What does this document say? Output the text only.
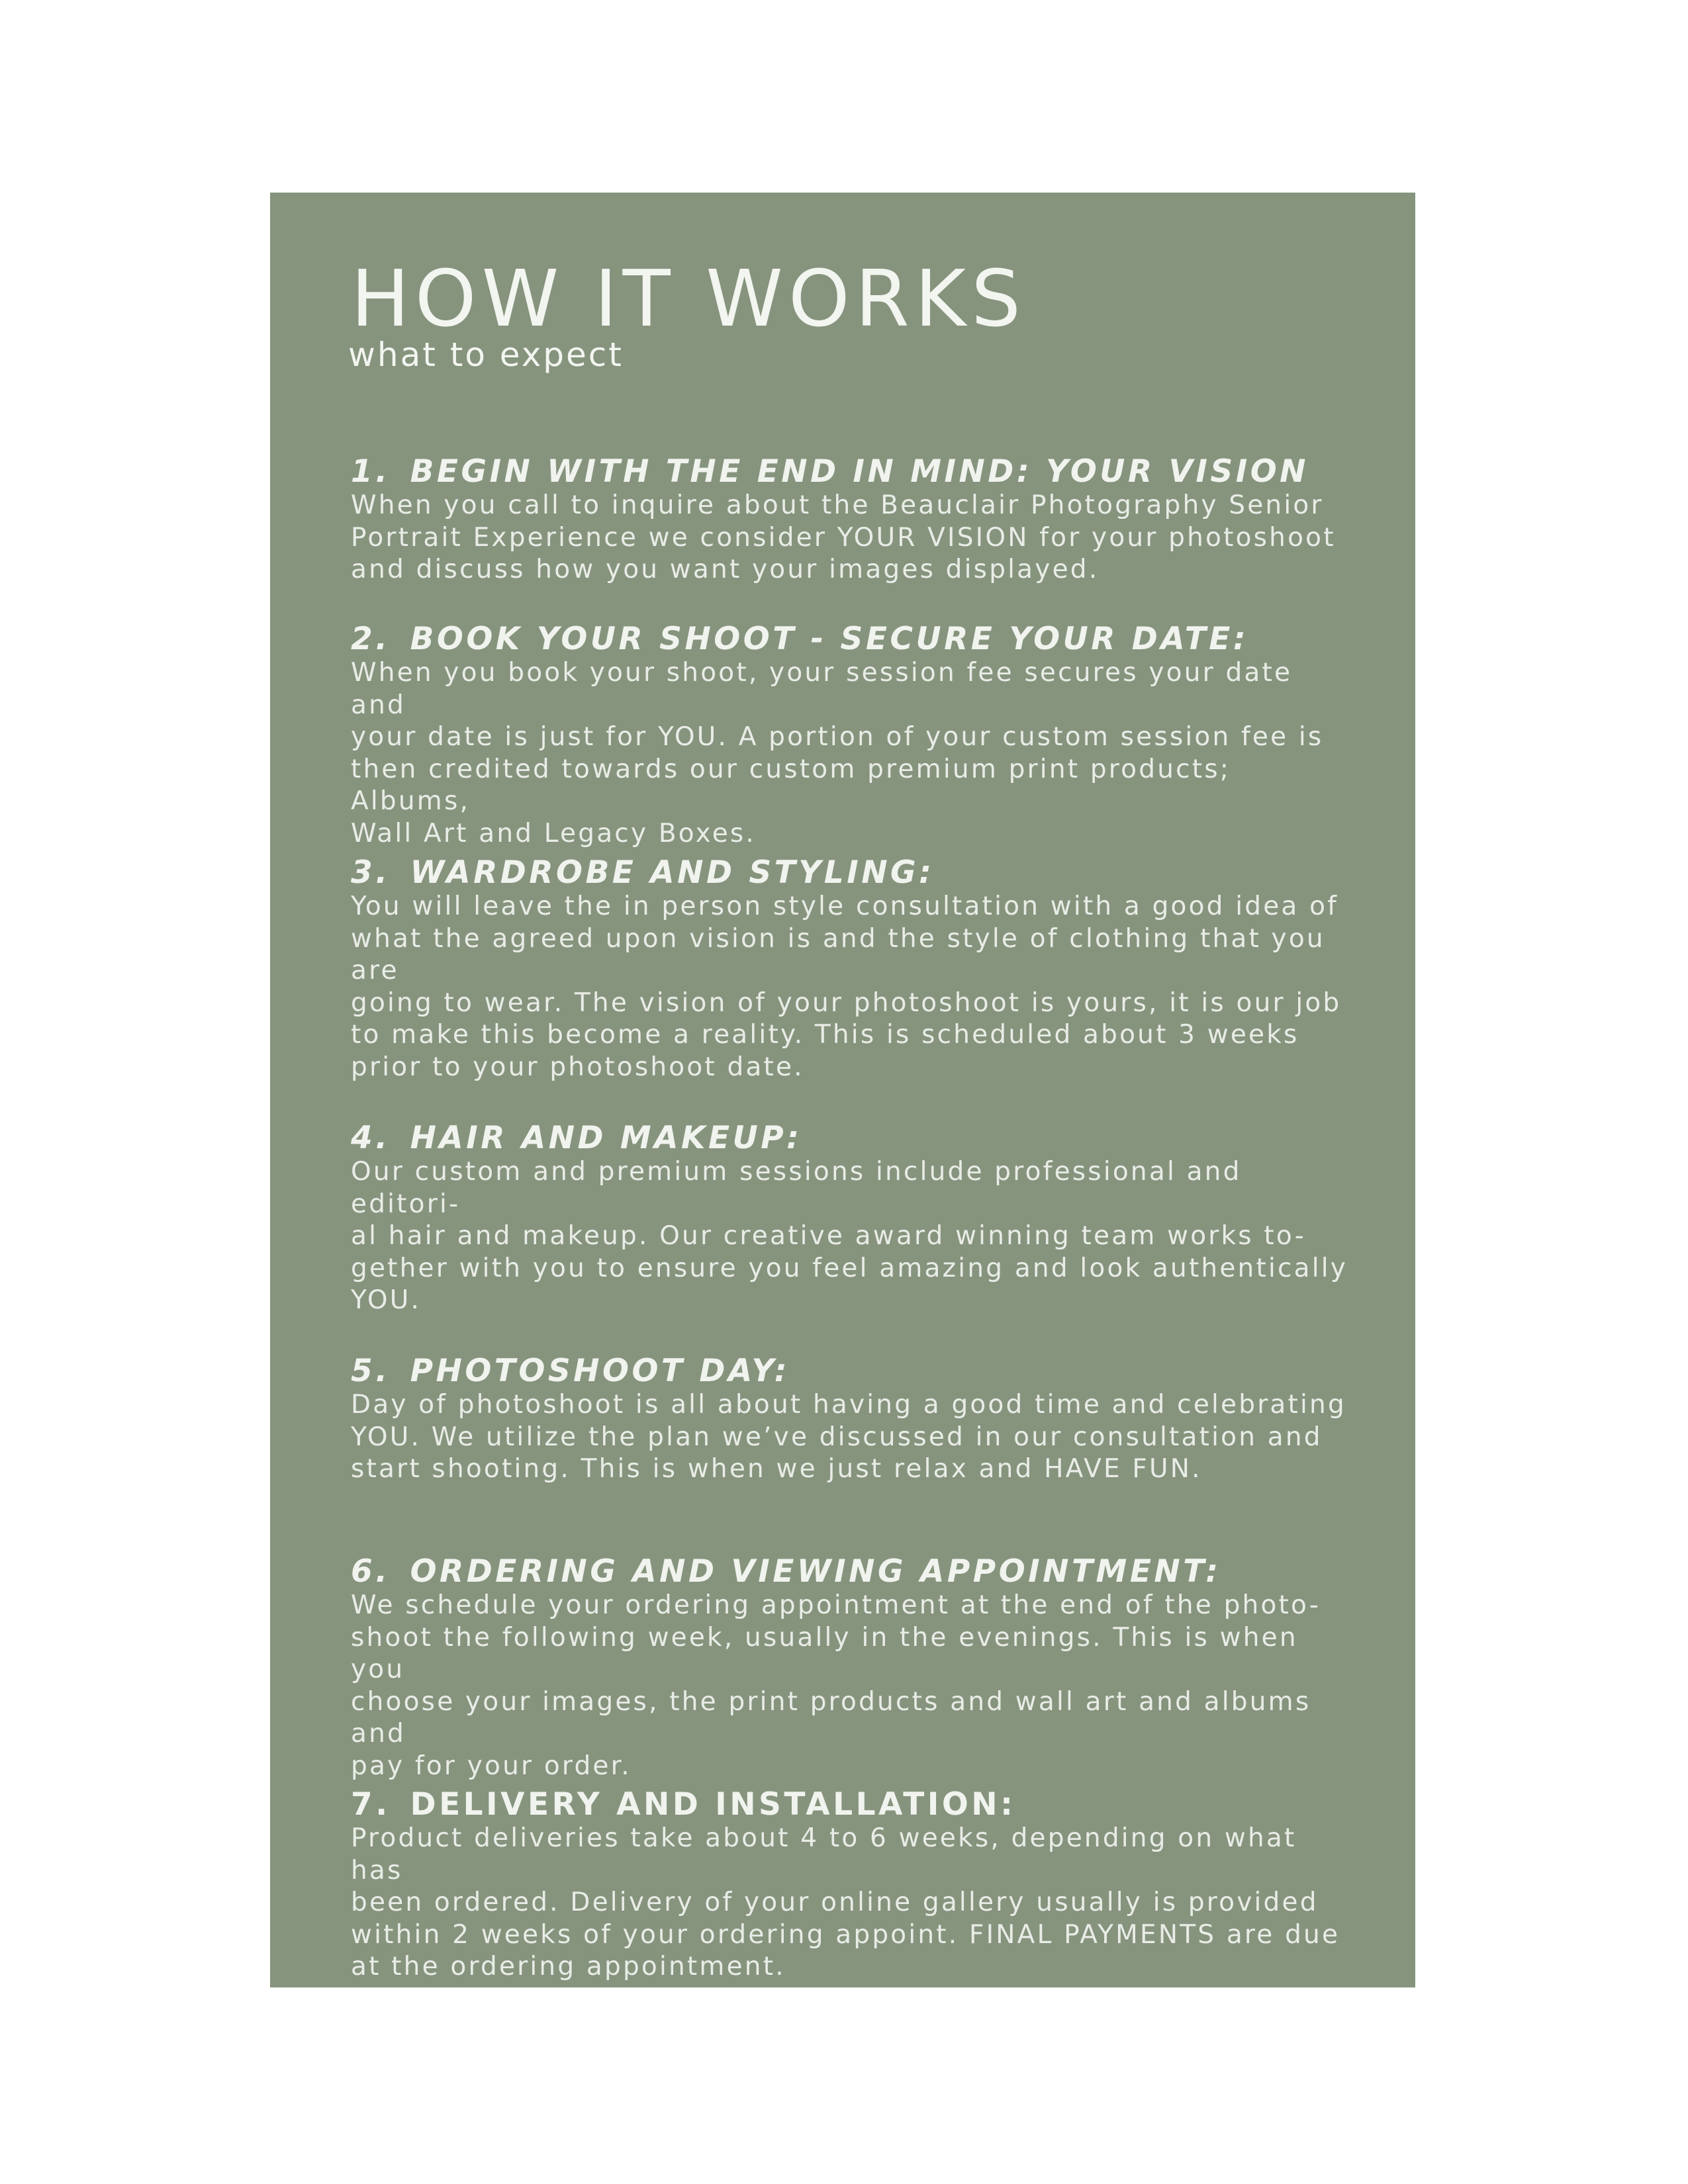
HOW IT WORKS
what to expect
1. BEGIN WITH THE END IN MIND: YOUR VISION

When you call to inquire about the Beauclair Photography Senior
Portrait Experience we consider YOUR VISION for your photoshoot
and discuss how you want your images displayed.

2. BOOK YOUR SHOOT - SECURE YOUR DATE:

When you book your shoot, your session fee secures your date and
your date is just for YOU. A portion of your custom session fee is
then credited towards our custom premium print products; Albums,
Wall Art and Legacy Boxes.

3. WARDROBE AND STYLING:

You will leave the in person style consultation with a good idea of
what the agreed upon vision is and the style of clothing that you are
going to wear. The vision of your photoshoot is yours, it is our job
to make this become a reality. This is scheduled about 3 weeks
prior to your photoshoot date.

4. HAIR AND MAKEUP:

Our custom and premium sessions include professional and editori-
al hair and makeup. Our creative award winning team works to-
gether with you to ensure you feel amazing and look authentically
YOU.

5. PHOTOSHOOT DAY:

Day of photoshoot is all about having a good time and celebrating
YOU. We utilize the plan we’ve discussed in our consultation and
start shooting. This is when we just relax and HAVE FUN.

6. ORDERING AND VIEWING APPOINTMENT:

We schedule your ordering appointment at the end of the photo-
shoot the following week, usually in the evenings. This is when you
choose your images, the print products and wall art and albums and
pay for your order.

7. DELIVERY AND INSTALLATION:

Product deliveries take about 4 to 6 weeks, depending on what has
been ordered. Delivery of your online gallery usually is provided
within 2 weeks of your ordering appoint. FINAL PAYMENTS are due
at the ordering appointment.
